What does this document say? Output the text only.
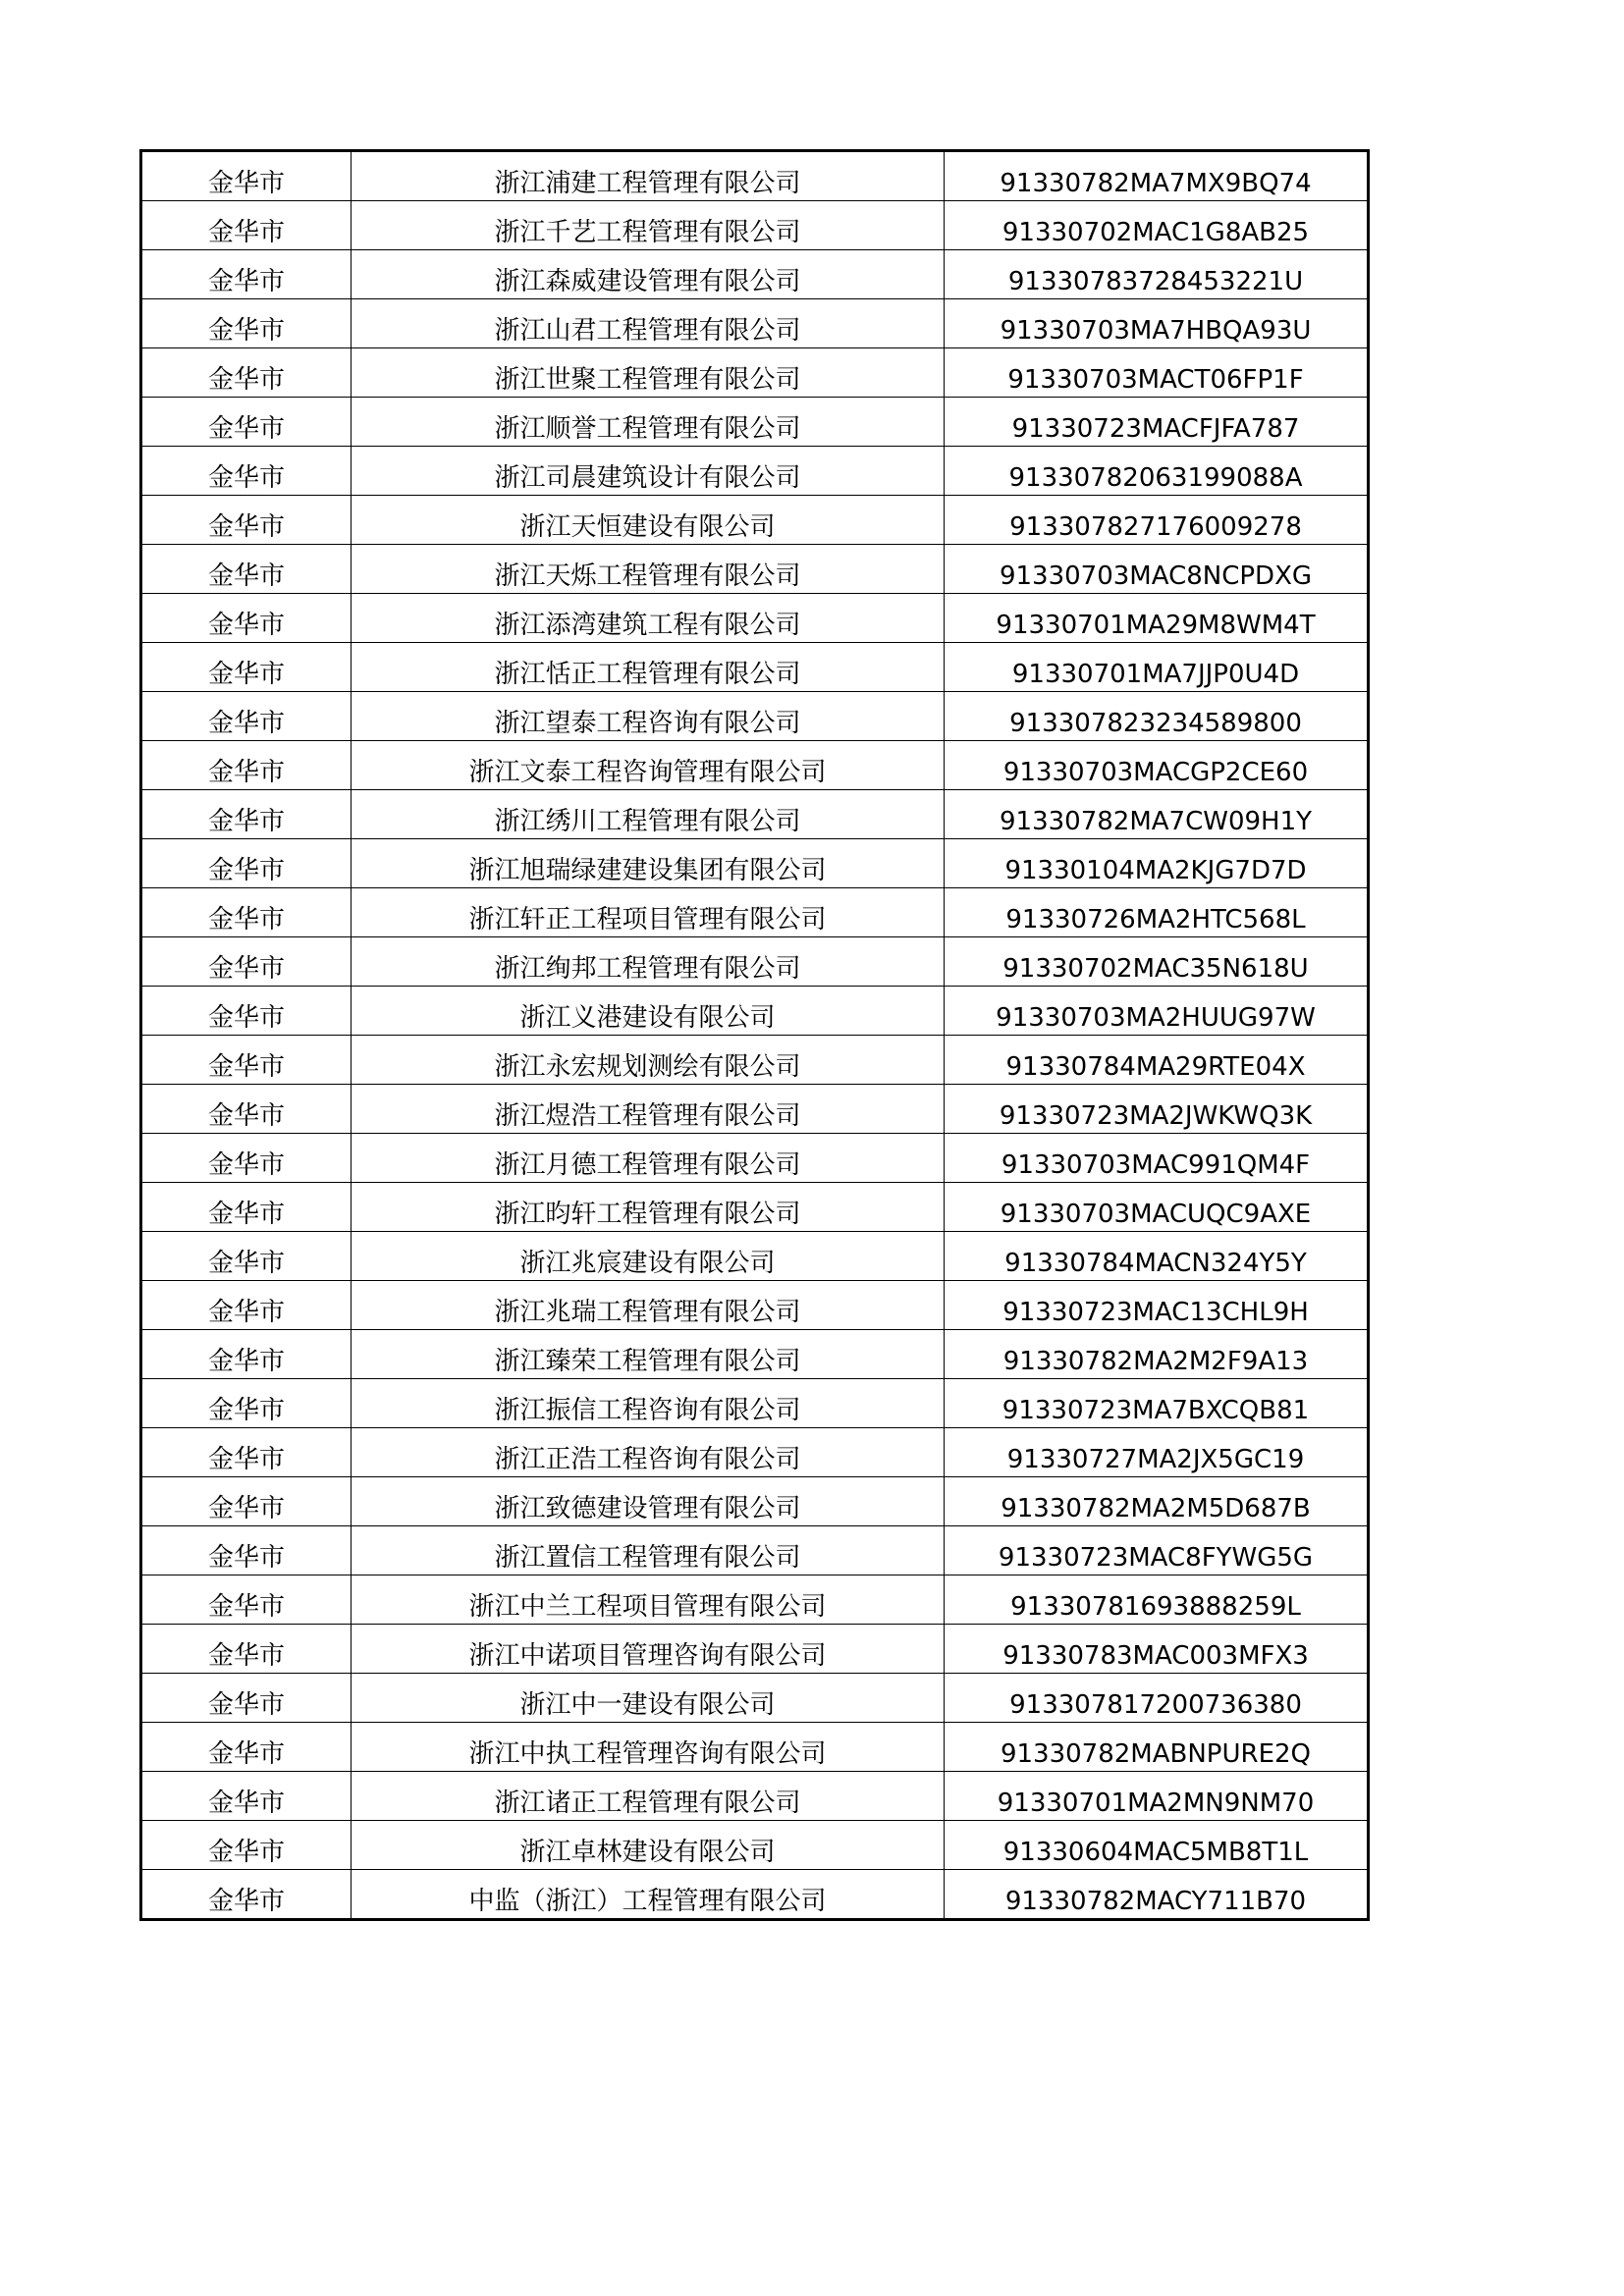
金华市	浙江浦建工程管理有限公司	91330782MA7MX9BQ74
金华市	浙江千艺工程管理有限公司	91330702MAC1G8AB25
金华市	浙江森威建设管理有限公司	91330783728453221U
金华市	浙江山君工程管理有限公司	91330703MA7HBQA93U
金华市	浙江世聚工程管理有限公司	91330703MACT06FP1F
金华市	浙江顺誉工程管理有限公司	91330723MACFJFA787
金华市	浙江司晨建筑设计有限公司	91330782063199088A
金华市	浙江天恒建设有限公司	913307827176009278
金华市	浙江天烁工程管理有限公司	91330703MAC8NCPDXG
金华市	浙江添湾建筑工程有限公司	91330701MA29M8WM4T
金华市	浙江恬正工程管理有限公司	91330701MA7JJP0U4D
金华市	浙江望泰工程咨询有限公司	913307823234589800
金华市	浙江文泰工程咨询管理有限公司	91330703MACGP2CE60
金华市	浙江绣川工程管理有限公司	91330782MA7CW09H1Y
金华市	浙江旭瑞绿建建设集团有限公司	91330104MA2KJG7D7D
金华市	浙江轩正工程项目管理有限公司	91330726MA2HTC568L
金华市	浙江绚邦工程管理有限公司	91330702MAC35N618U
金华市	浙江义港建设有限公司	91330703MA2HUUG97W
金华市	浙江永宏规划测绘有限公司	91330784MA29RTE04X
金华市	浙江煜浩工程管理有限公司	91330723MA2JWKWQ3K
金华市	浙江月德工程管理有限公司	91330703MAC991QM4F
金华市	浙江昀轩工程管理有限公司	91330703MACUQC9AXE
金华市	浙江兆宸建设有限公司	91330784MACN324Y5Y
金华市	浙江兆瑞工程管理有限公司	91330723MAC13CHL9H
金华市	浙江臻荣工程管理有限公司	91330782MA2M2F9A13
金华市	浙江振信工程咨询有限公司	91330723MA7BXCQB81
金华市	浙江正浩工程咨询有限公司	91330727MA2JX5GC19
金华市	浙江致德建设管理有限公司	91330782MA2M5D687B
金华市	浙江置信工程管理有限公司	91330723MAC8FYWG5G
金华市	浙江中兰工程项目管理有限公司	91330781693888259L
金华市	浙江中诺项目管理咨询有限公司	91330783MAC003MFX3
金华市	浙江中一建设有限公司	913307817200736380
金华市	浙江中执工程管理咨询有限公司	91330782MABNPURE2Q
金华市	浙江诸正工程管理有限公司	91330701MA2MN9NM70
金华市	浙江卓林建设有限公司	91330604MAC5MB8T1L
金华市	中监（浙江）工程管理有限公司	91330782MACY711B70
